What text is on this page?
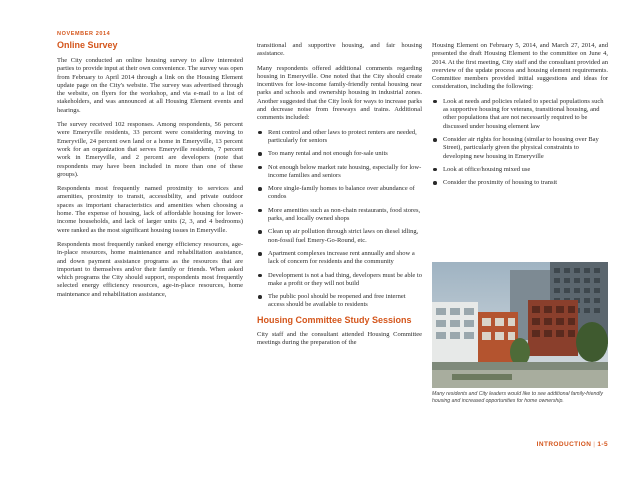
NOVEMBER 2014
Online Survey

The City conducted an online housing survey to allow interested parties to provide input at their own convenience. The survey was open from February to April 2014 through a link on the Housing Element update page on the City's website. The survey was advertised through the website, on flyers for the workshop, and via e-mail to a list of stakeholders, and was announced at all Housing Element events and hearings.

The survey received 102 responses. Among respondents, 56 percent were Emeryville residents, 33 percent were considering moving to Emeryville, 24 percent own land or a home in Emeryville, 13 percent work for an organization that serves Emeryville residents, 7 percent work in Emeryville, and 2 percent are developers (note that respondents may have been included in more than one of these groups).

Respondents most frequently named proximity to services and amenities, proximity to transit, accessibility, and private outdoor spaces as important characteristics and amenities when choosing a home. The expense of housing, lack of affordable housing for lower-income households, and lack of larger units (2, 3, and 4 bedrooms) were ranked as the most significant housing issues in Emeryville.

Respondents most frequently ranked energy efficiency resources, age-in-place resources, home maintenance and rehabilitation assistance, and down payment assistance programs as the resources that are important to themselves and/or their family or friends. When asked which programs the City should support, respondents most frequently selected energy efficiency resources, age-in-place resources, home maintenance and rehabilitation assistance,

transitional and supportive housing, and fair housing assistance.

Many respondents offered additional comments regarding housing in Emeryville. One noted that the City should create incentives for low-income family-friendly rental housing near parks and schools and ownership housing in industrial zones. Another suggested that the City look for ways to increase parks and decrease noise from freeways and trains. Additional comments included:

Rent control and other laws to protect renters are needed, particularly for seniors
Too many rental and not enough for-sale units
Not enough below market rate housing, especially for low-income families and seniors
More single-family homes to balance over abundance of condos
More amenities such as non-chain restaurants, food stores, parks, and locally owned shops
Clean up air pollution through strict laws on diesel idling, non-fossil fuel Emery-Go-Round, etc.
Apartment complexes increase rent annually and show a lack of concern for residents and the community
Development is not a bad thing, developers must be able to make a profit or they will not build
The public pool should be reopened and free internet access should be available to residents
Housing Committee Study Sessions

City staff and the consultant attended Housing Committee meetings during the preparation of the

Housing Element on February 5, 2014, and March 27, 2014, and presented the draft Housing Element to the committee on June 4, 2014. At the first meeting, City staff and the consultant provided an overview of the update process and housing element requirements. Committee members provided initial suggestions and ideas for consideration, including the following:

Look at needs and policies related to special populations such as supportive housing for veterans, transitional housing, and other populations that are not necessarily required to be discussed under housing element law
Consider air rights for housing (similar to housing over Bay Street), particularly given the physical constraints to developing new housing in Emeryville
Look at office/housing mixed use
Consider the proximity of housing to transit
Many residents and City leaders would like to see additional family-friendly housing and increased opportunities for home ownership.
INTRODUCTION | 1-5
